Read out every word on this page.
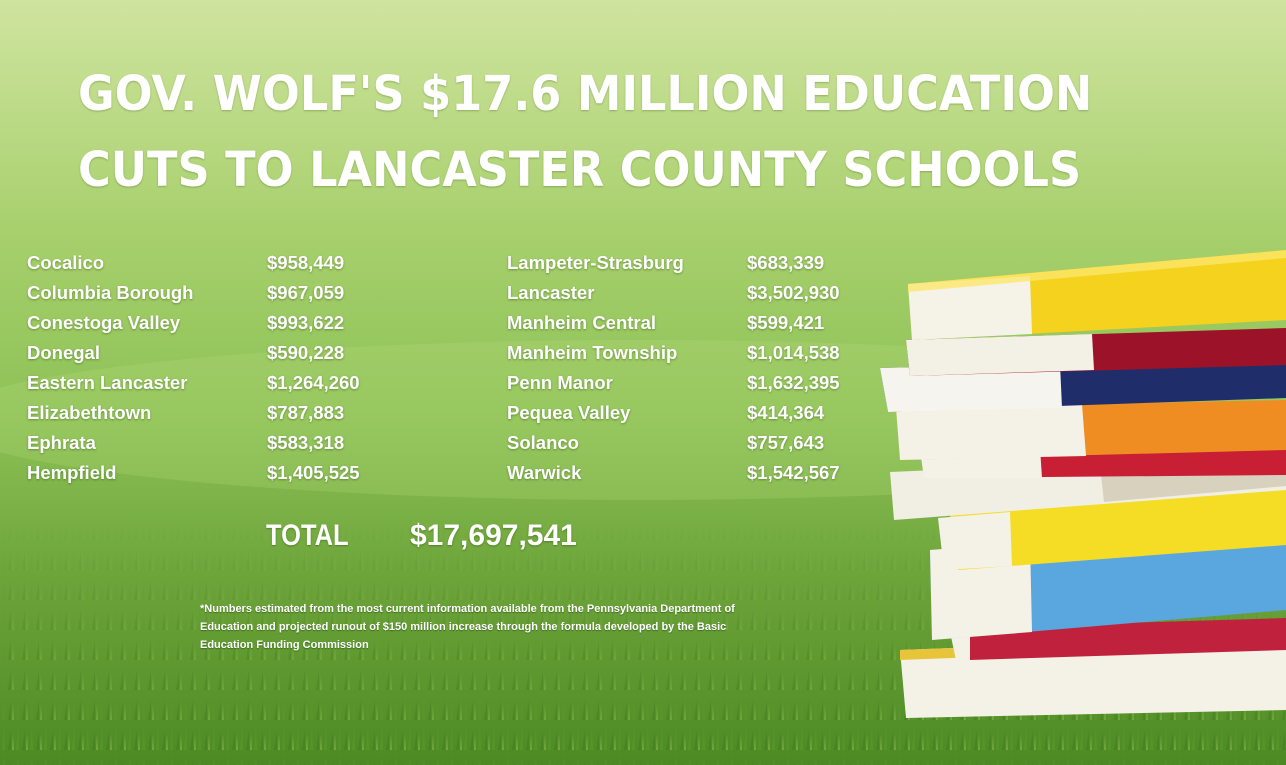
GOV. WOLF'S $17.6 MILLION EDUCATION
CUTS TO LANCASTER COUNTY SCHOOLS
Cocalico	$958,449
Columbia Borough	$967,059
Conestoga Valley	$993,622
Donegal	$590,228
Eastern Lancaster	$1,264,260
Elizabethtown	$787,883
Ephrata	$583,318
Hempfield	$1,405,525
Lampeter-Strasburg	$683,339
Lancaster	$3,502,930
Manheim Central	$599,421
Manheim Township	$1,014,538
Penn Manor	$1,632,395
Pequea Valley	$414,364
Solanco	$757,643
Warwick	$1,542,567
TOTAL $17,697,541
*Numbers estimated from the most current information available from the Pennsylvania Department of Education and projected runout of $150 million increase through the formula developed by the Basic Education Funding Commission
